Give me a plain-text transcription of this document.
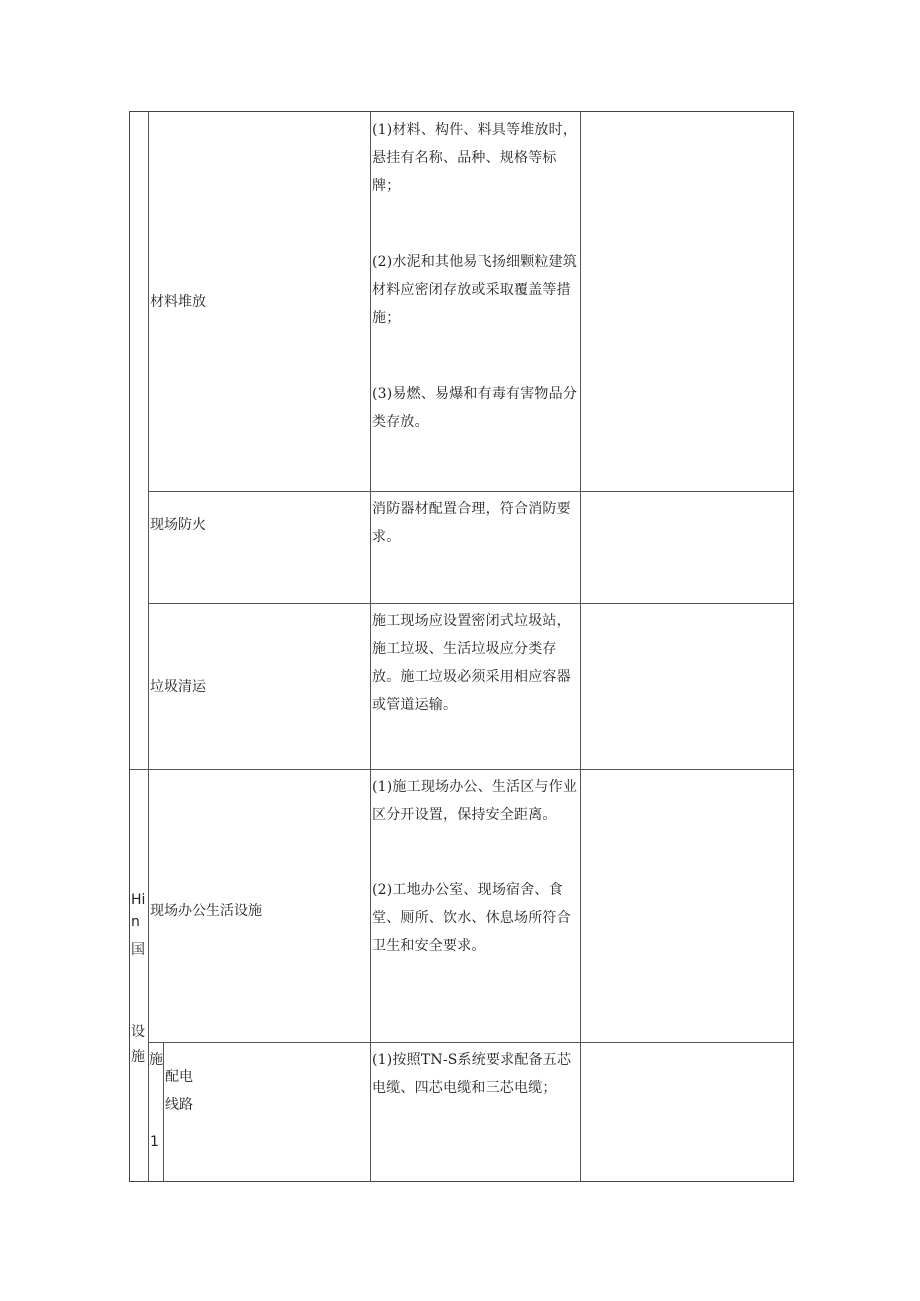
材料堆放
(1)材料、构件、料具等堆放时，悬挂有名称、品种、规格等标牌；
(2)水泥和其他易飞扬细颗粒建筑材料应密闭存放或采取覆盖等措施；
(3)易燃、易爆和有毒有害物品分类存放。
现场防火
消防器材配置合理，符合消防要求。
垃圾清运
施工现场应设置密闭式垃圾站，施工垃圾、生活垃圾应分类存放。施工垃圾必须采用相应容器或管道运输。
现场办公生活设施
(1)施工现场办公、生活区与作业区分开设置，保持安全距离。
(2)工地办公室、现场宿舍、食堂、厕所、饮水、休息场所符合卫生和安全要求。
配电
线路
(1)按照TN-S系统要求配备五芯电缆、四芯电缆和三芯电缆；
Hi
n
国
设
施 施
1
